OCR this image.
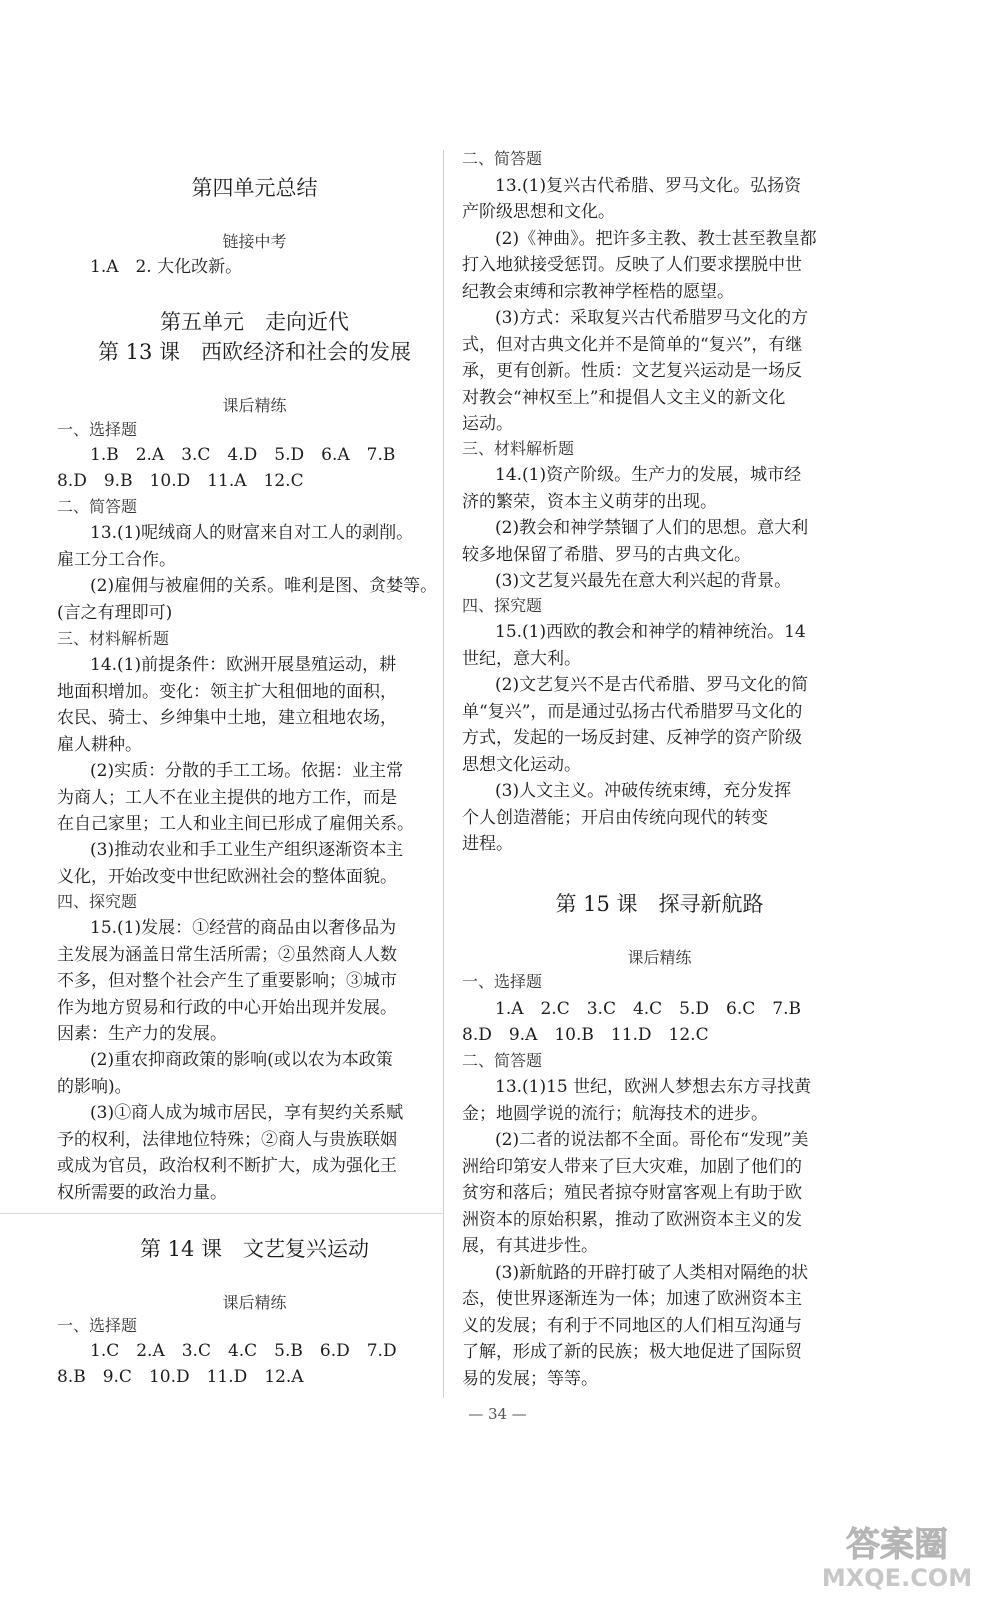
第四单元总结
链接中考
1.A　2. 大化改新。
第五单元　走向近代
第 13 课　西欧经济和社会的发展
课后精练
一、选择题
1.B　2.A　3.C　4.D　5.D　6.A　7.B
8.D　9.B　10.D　11.A　12.C
二、简答题
13.(1)呢绒商人的财富来自对工人的剥削。
雇工分工合作。
(2)雇佣与被雇佣的关系。唯利是图、贪婪等。
(言之有理即可)
三、材料解析题
14.(1)前提条件：欧洲开展垦殖运动，耕
地面积增加。变化：领主扩大租佃地的面积，
农民、骑士、乡绅集中土地，建立租地农场，
雇人耕种。
(2)实质：分散的手工工场。依据：业主常
为商人；工人不在业主提供的地方工作，而是
在自己家里；工人和业主间已形成了雇佣关系。
(3)推动农业和手工业生产组织逐渐资本主
义化，开始改变中世纪欧洲社会的整体面貌。
四、探究题
15.(1)发展：①经营的商品由以奢侈品为
主发展为涵盖日常生活所需；②虽然商人人数
不多，但对整个社会产生了重要影响；③城市
作为地方贸易和行政的中心开始出现并发展。
因素：生产力的发展。
(2)重农抑商政策的影响(或以农为本政策
的影响)。
(3)①商人成为城市居民，享有契约关系赋
予的权利，法律地位特殊；②商人与贵族联姻
或成为官员，政治权利不断扩大，成为强化王
权所需要的政治力量。
第 14 课　文艺复兴运动
课后精练
一、选择题
1.C　2.A　3.C　4.C　5.B　6.D　7.D
8.B　9.C　10.D　11.D　12.A
二、简答题
13.(1)复兴古代希腊、罗马文化。弘扬资
产阶级思想和文化。
(2)《神曲》。把许多主教、教士甚至教皇都
打入地狱接受惩罚。反映了人们要求摆脱中世
纪教会束缚和宗教神学桎梏的愿望。
(3)方式：采取复兴古代希腊罗马文化的方
式，但对古典文化并不是简单的“复兴”，有继
承，更有创新。性质：文艺复兴运动是一场反
对教会“神权至上”和提倡人文主义的新文化
运动。
三、材料解析题
14.(1)资产阶级。生产力的发展，城市经
济的繁荣，资本主义萌芽的出现。
(2)教会和神学禁锢了人们的思想。意大利
较多地保留了希腊、罗马的古典文化。
(3)文艺复兴最先在意大利兴起的背景。
四、探究题
15.(1)西欧的教会和神学的精神统治。14
世纪，意大利。
(2)文艺复兴不是古代希腊、罗马文化的简
单“复兴”，而是通过弘扬古代希腊罗马文化的
方式，发起的一场反封建、反神学的资产阶级
思想文化运动。
(3)人文主义。冲破传统束缚，充分发挥
个人创造潜能；开启由传统向现代的转变
进程。
第 15 课　探寻新航路
课后精练
一、选择题
1.A　2.C　3.C　4.C　5.D　6.C　7.B
8.D　9.A　10.B　11.D　12.C
二、简答题
13.(1)15 世纪，欧洲人梦想去东方寻找黄
金；地圆学说的流行；航海技术的进步。
(2)二者的说法都不全面。哥伦布“发现”美
洲给印第安人带来了巨大灾难，加剧了他们的
贫穷和落后；殖民者掠夺财富客观上有助于欧
洲资本的原始积累，推动了欧洲资本主义的发
展，有其进步性。
(3)新航路的开辟打破了人类相对隔绝的状
态，使世界逐渐连为一体；加速了欧洲资本主
义的发展；有利于不同地区的人们相互沟通与
了解，形成了新的民族；极大地促进了国际贸
易的发展；等等。
— 34 —
答案圈
MXQE.COM
